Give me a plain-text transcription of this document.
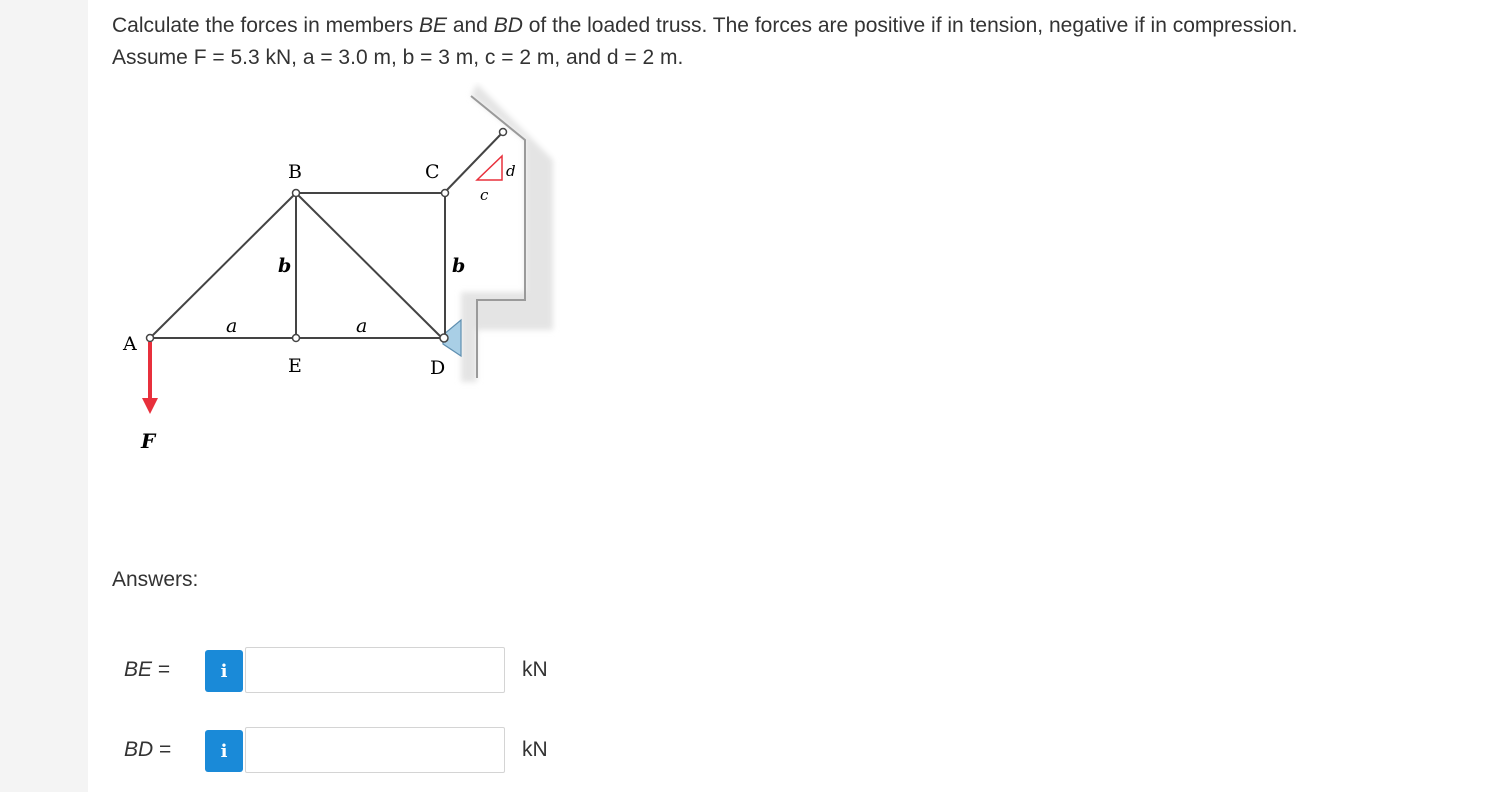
Calculate the forces in members BE and BD of the loaded truss. The forces are positive if in tension, negative if in compression.
Assume F = 5.3 kN, a = 3.0 m, b = 3 m, c = 2 m, and d = 2 m.
A
B	C
E	D
F
a	a
b	b
c
d
Answers:
BE =	i	kN
BD =	i	kN
